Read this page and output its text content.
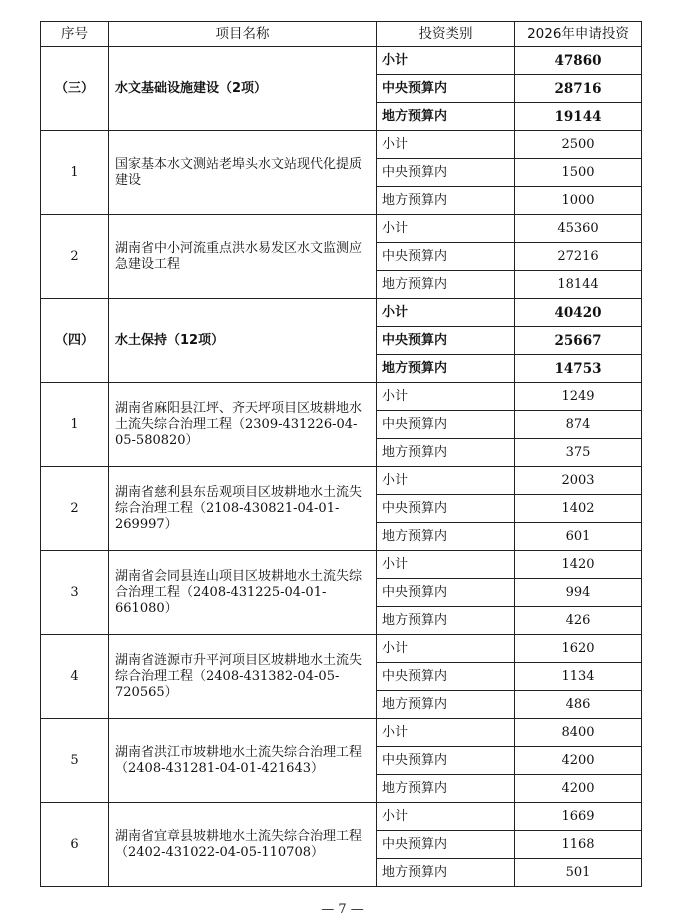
序号	项目名称	投资类别	2026年申请投资
（三）	水文基础设施建设（2项）	小计	47860
		中央预算内	28716
		地方预算内	19144
1	国家基本水文测站老埠头水文站现代化提质建设	小计	2500
		中央预算内	1500
		地方预算内	1000
2	湖南省中小河流重点洪水易发区水文监测应急建设工程	小计	45360
		中央预算内	27216
		地方预算内	18144
（四）	水土保持（12项）	小计	40420
		中央预算内	25667
		地方预算内	14753
1	湖南省麻阳县江坪、齐天坪项目区坡耕地水土流失综合治理工程（2309-431226-04-05-580820）	小计	1249
		中央预算内	874
		地方预算内	375
2	湖南省慈利县东岳观项目区坡耕地水土流失综合治理工程（2108-430821-04-01-269997）	小计	2003
		中央预算内	1402
		地方预算内	601
3	湖南省会同县连山项目区坡耕地水土流失综合治理工程（2408-431225-04-01-661080）	小计	1420
		中央预算内	994
		地方预算内	426
4	湖南省涟源市升平河项目区坡耕地水土流失综合治理工程（2408-431382-04-05-720565）	小计	1620
		中央预算内	1134
		地方预算内	486
5	湖南省洪江市坡耕地水土流失综合治理工程（2408-431281-04-01-421643）	小计	8400
		中央预算内	4200
		地方预算内	4200
6	湖南省宜章县坡耕地水土流失综合治理工程（2402-431022-04-05-110708）	小计	1669
		中央预算内	1168
		地方预算内	501
— 7 —
